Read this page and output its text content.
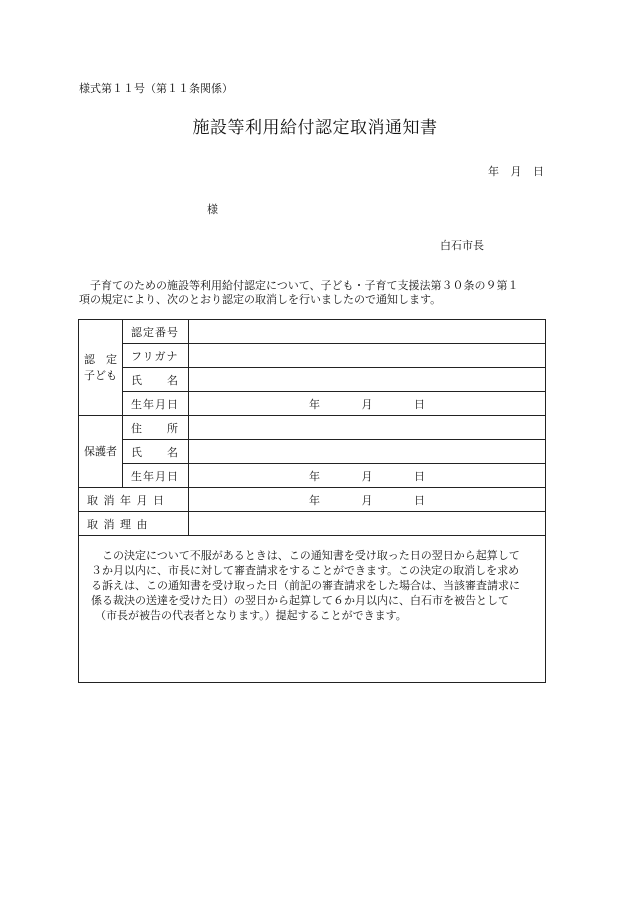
様式第１１号（第１１条関係）
施設等利用給付認定取消通知書
年 月 日
様
白石市長
子育てのための施設等利用給付認定について、子ども・子育て支援法第３０条の９第１
項の規定により、次のとおり認定の取消しを行いましたので通知します。
認　定
子ども	認定番号	
	フリガナ	
	氏　　名	
	生年月日	年 月 日
保護者	住　　所	
	氏　　名	
	生年月日	年 月 日
取 消 年 月 日		年 月 日
取 消 理 由		

この決定について不服があるときは、この通知書を受け取った日の翌日から起算して
３か月以内に、市長に対して審査請求をすることができます。この決定の取消しを求め
る訴えは、この通知書を受け取った日（前記の審査請求をした場合は、当該審査請求に
係る裁決の送達を受けた日）の翌日から起算して６か月以内に、白石市を被告として
（市長が被告の代表者となります。）提起することができます。		
